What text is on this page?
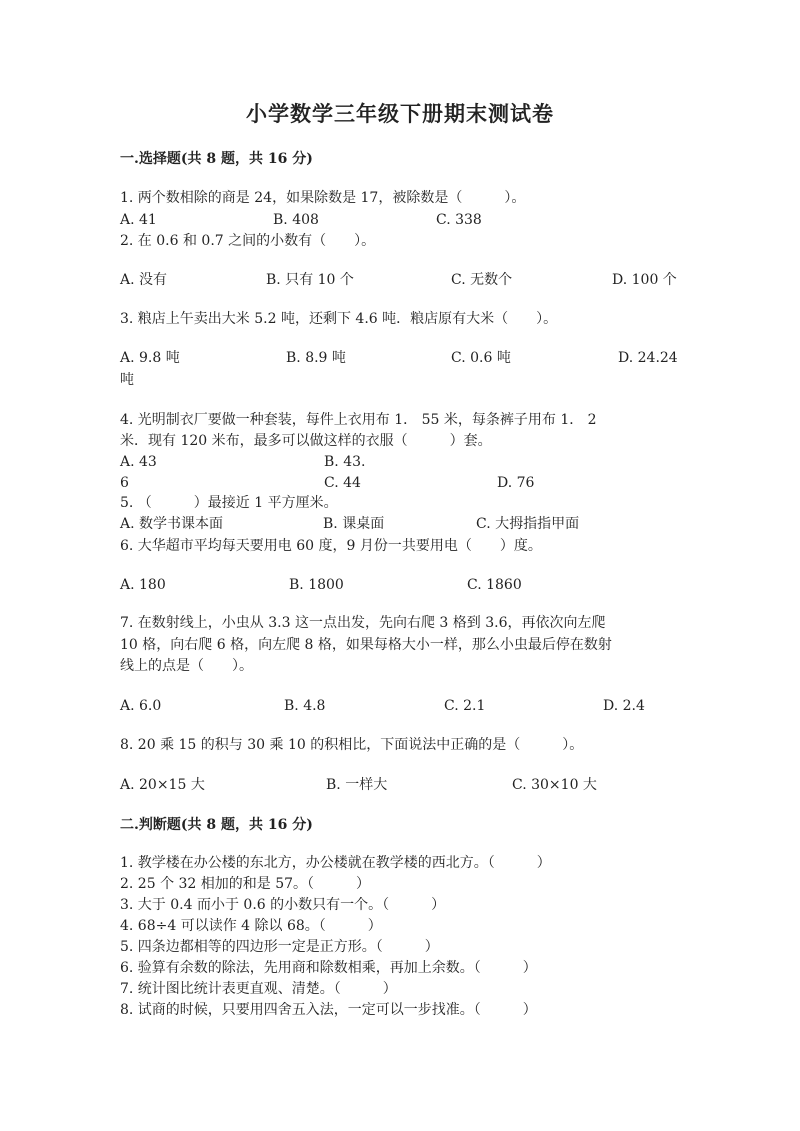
小学数学三年级下册期末测试卷
一.选择题(共 8 题，共 16 分)
1. 两个数相除的商是 24，如果除数是 17，被除数是（　　　）。
A. 41	B. 408	C. 338
2. 在 0.6 和 0.7 之间的小数有（　　）。
A. 没有	B. 只有 10 个	C. 无数个	D. 100 个
3. 粮店上午卖出大米 5.2 吨，还剩下 4.6 吨．粮店原有大米（　　）。
A. 9.8 吨	B. 8.9 吨	C. 0.6 吨	D. 24.24
吨
4. 光明制衣厂要做一种套装，每件上衣用布 1． 55 米，每条裤子用布 1． 2
米．现有 120 米布，最多可以做这样的衣服（　　　）套。
A. 43	B. 43.
6	C. 44	D. 76
5. （　　　）最接近 1 平方厘米。
A. 数学书课本面	B. 课桌面	C. 大拇指指甲面
6. 大华超市平均每天要用电 60 度，9 月份一共要用电（　　）度。
A. 180	B. 1800	C. 1860
7. 在数射线上，小虫从 3.3 这一点出发，先向右爬 3 格到 3.6，再依次向左爬
10 格，向右爬 6 格，向左爬 8 格，如果每格大小一样，那么小虫最后停在数射
线上的点是（　　）。
A. 6.0	B. 4.8	C. 2.1	D. 2.4
8. 20 乘 15 的积与 30 乘 10 的积相比，下面说法中正确的是（　　　）。
A. 20×15 大	B. 一样大	C. 30×10 大
二.判断题(共 8 题，共 16 分)
1. 教学楼在办公楼的东北方，办公楼就在教学楼的西北方。（　　　）
2. 25 个 32 相加的和是 57。（　　　）
3. 大于 0.4 而小于 0.6 的小数只有一个。（　　　）
4. 68÷4 可以读作 4 除以 68。（　　　）
5. 四条边都相等的四边形一定是正方形。（　　　）
6. 验算有余数的除法，先用商和除数相乘，再加上余数。（　　　）
7. 统计图比统计表更直观、清楚。（　　　）
8. 试商的时候，只要用四舍五入法，一定可以一步找准。（　　　）
